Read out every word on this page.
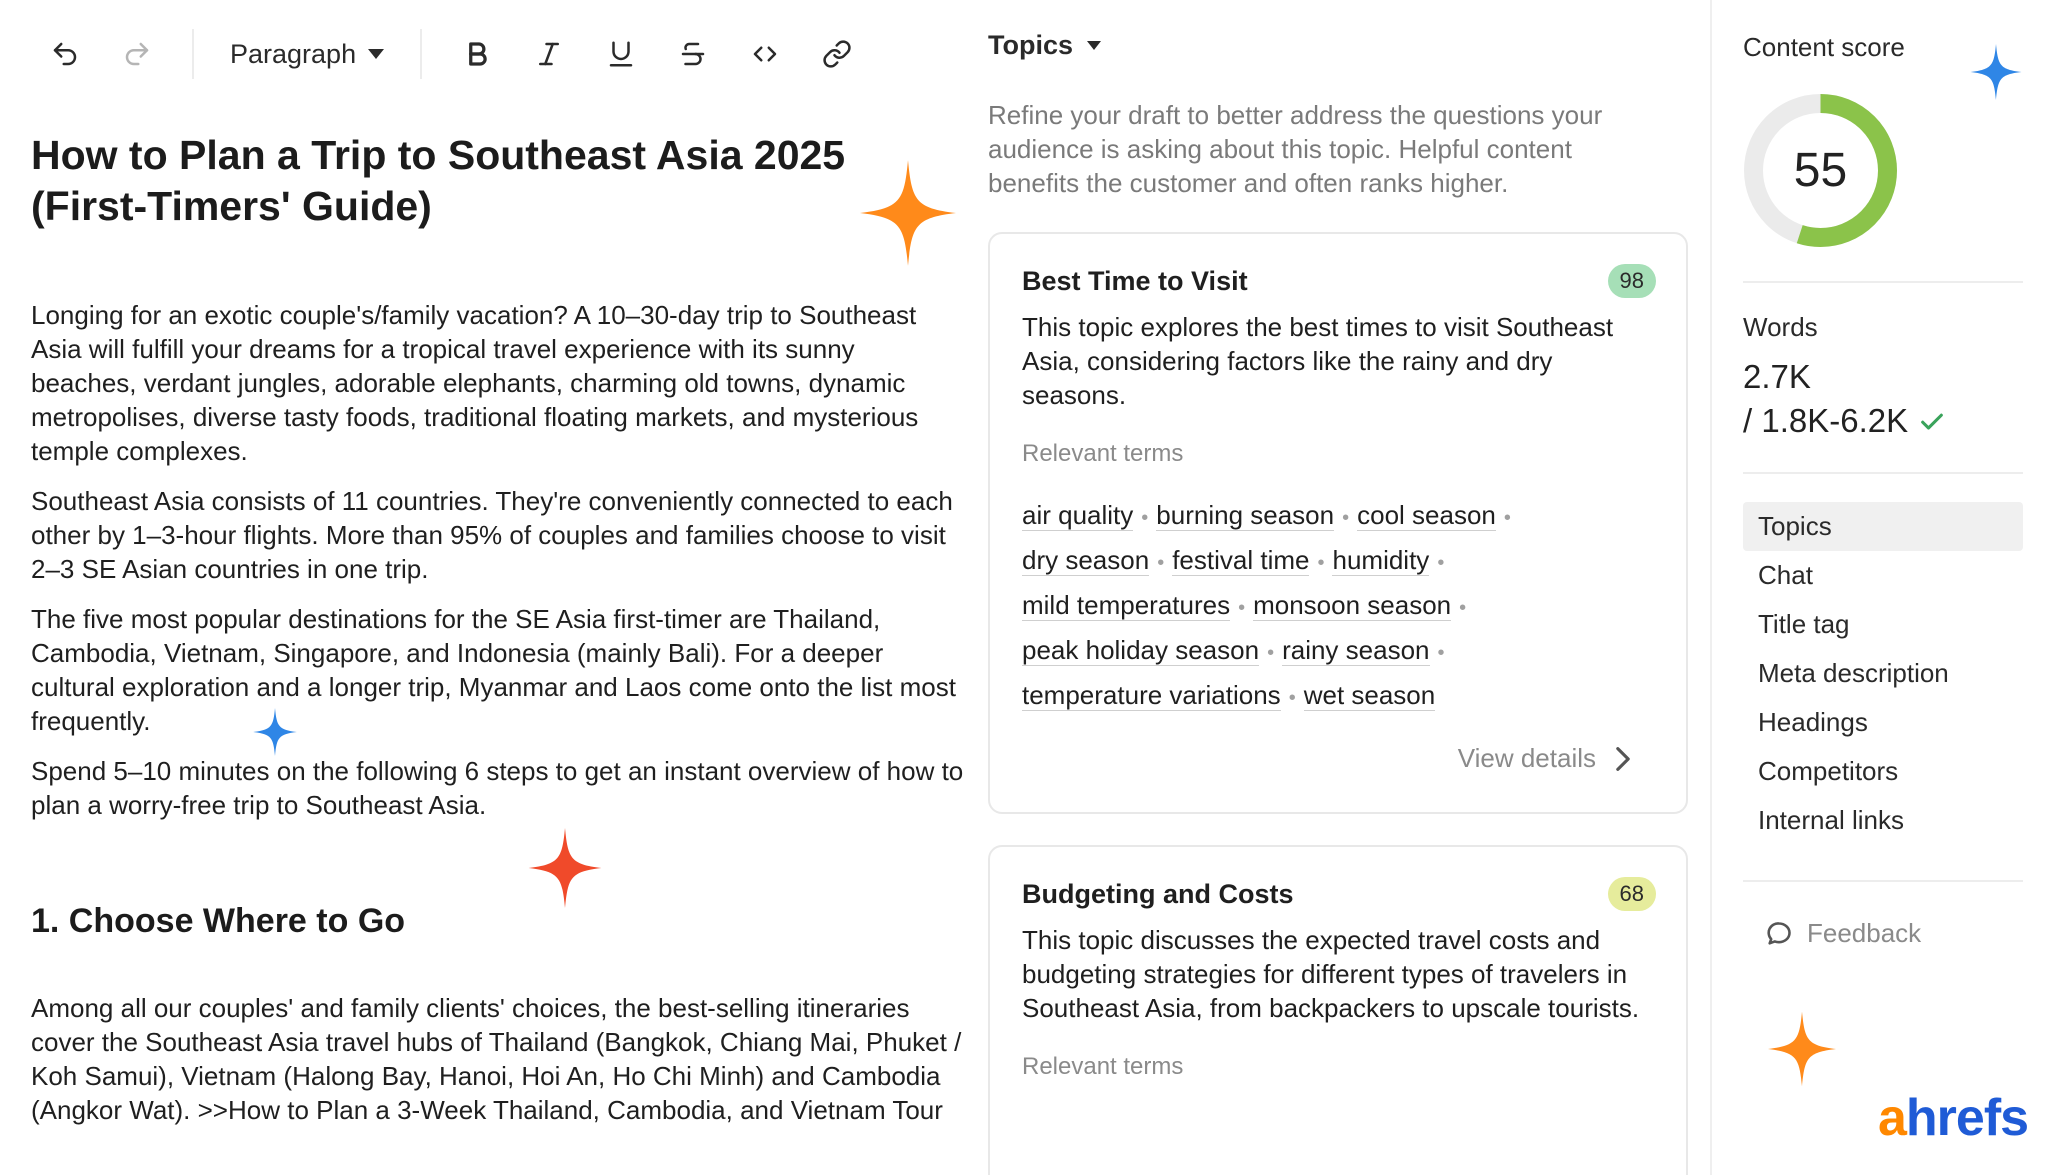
Paragraph
How to Plan a Trip to Southeast Asia 2025 (First-Timers' Guide)

Longing for an exotic couple's/family vacation? A 10–30-day trip to Southeast Asia will fulfill your dreams for a tropical travel experience with its sunny beaches, verdant jungles, adorable elephants, charming old towns, dynamic metropolises, diverse tasty foods, traditional floating markets, and mysterious temple complexes.

Southeast Asia consists of 11 countries. They're conveniently connected to each other by 1–3-hour flights. More than 95% of couples and families choose to visit 2–3 SE Asian countries in one trip.

The five most popular destinations for the SE Asia first-timer are Thailand, Cambodia, Vietnam, Singapore, and Indonesia (mainly Bali). For a deeper cultural exploration and a longer trip, Myanmar and Laos come onto the list most frequently.

Spend 5–10 minutes on the following 6 steps to get an instant overview of how to plan a worry-free trip to Southeast Asia.

1. Choose Where to Go

Among all our couples' and family clients' choices, the best-selling itineraries cover the Southeast Asia travel hubs of Thailand (Bangkok, Chiang Mai, Phuket / Koh Samui), Vietnam (Halong Bay, Hanoi, Hoi An, Ho Chi Minh) and Cambodia (Angkor Wat). >>How to Plan a 3-Week Thailand, Cambodia, and Vietnam Tour

Topics

Refine your draft to better address the questions your audience is asking about this topic. Helpful content benefits the customer and often ranks higher.

Best Time to Visit	98

This topic explores the best times to visit Southeast Asia, considering factors like the rainy and dry seasons.

Relevant terms
air quality • burning season • cool season •
dry season • festival time • humidity •
mild temperatures • monsoon season •
peak holiday season • rainy season •
temperature variations • wet season
View details
Budgeting and Costs	68

This topic discusses the expected travel costs and budgeting strategies for different types of travelers in Southeast Asia, from backpackers to upscale tourists.

Relevant terms
Content score
55
Words
2.7K
/ 1.8K-6.2K
Topics
Chat
Title tag
Meta description
Headings
Competitors
Internal links
Feedback
ahrefs
